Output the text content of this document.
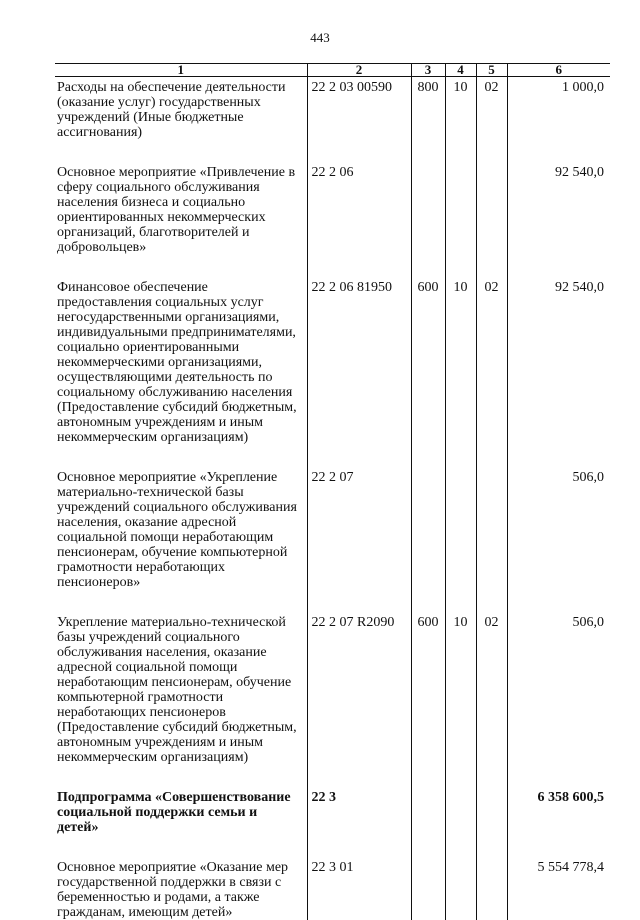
443
1	2	3	4	5	6
Расходы на обеспечение деятельности (оказание услуг) государственных учреждений (Иные бюджетные ассигнования)	22 2 03 00590	800	10	02	1 000,0

Основное мероприятие «Привлечение в сферу социального обслуживания населения бизнеса и социально ориентированных некоммерческих организаций, благотворителей и добровольцев»	22 2 06				92 540,0

Финансовое обеспечение предоставления социальных услуг негосударственными организациями, индивидуальными предпринимателями, социально ориентированными некоммерческими организациями, осуществляющими деятельность по социальному обслуживанию населения (Предоставление субсидий бюджетным, автономным учреждениям и иным некоммерческим организациям)	22 2 06 81950	600	10	02	92 540,0

Основное мероприятие «Укрепление материально-технической базы учреждений социального обслуживания населения, оказание адресной социальной помощи неработающим пенсионерам, обучение компьютерной грамотности неработающих пенсионеров»	22 2 07				506,0

Укрепление материально-технической базы учреждений социального обслуживания населения, оказание адресной социальной помощи неработающим пенсионерам, обучение компьютерной грамотности неработающих пенсионеров (Предоставление субсидий бюджетным, автономным учреждениям и иным некоммерческим организациям)	22 2 07 R2090	600	10	02	506,0

Подпрограмма «Совершенствование социальной поддержки семьи и детей»	22 3				6 358 600,5

Основное мероприятие «Оказание мер государственной поддержки в связи с беременностью и родами, а также гражданам, имеющим детей»	22 3 01				5 554 778,4
